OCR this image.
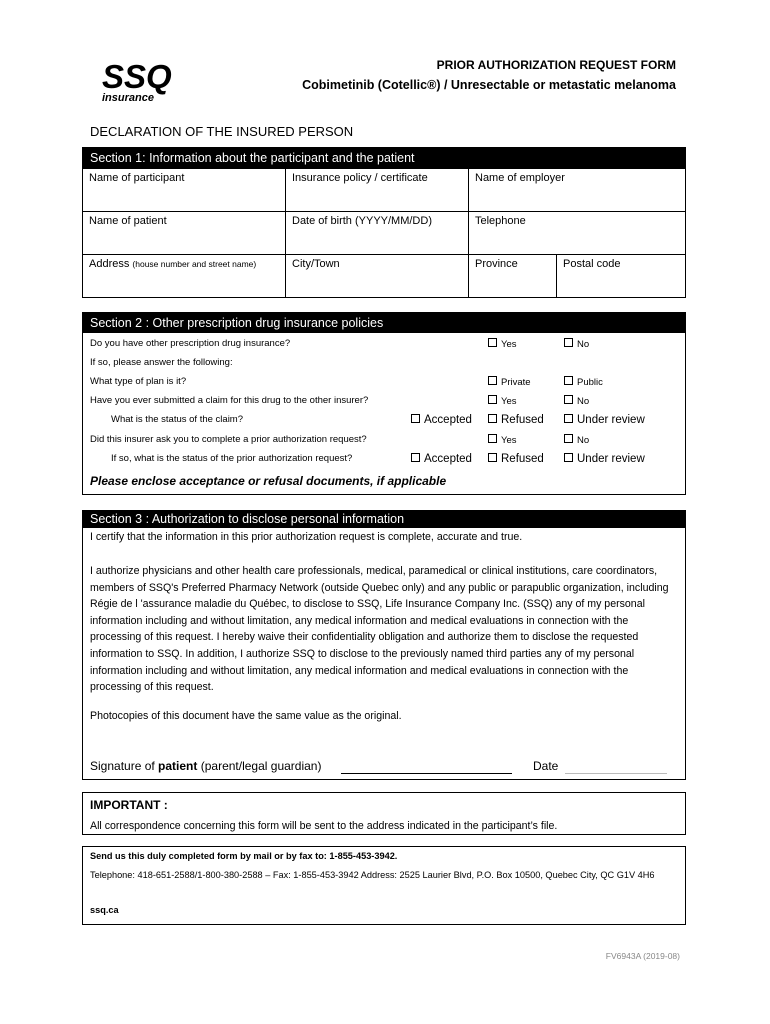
SSQ
insurance
PRIOR AUTHORIZATION REQUEST FORM
Cobimetinib (Cotellic®) / Unresectable or metastatic melanoma
DECLARATION OF THE INSURED PERSON
Section 1: Information about the participant and the patient
Name of participant	Insurance policy / certificate	Name of employer	
Name of patient	Date of birth (YYYY/MM/DD)	Telephone	
Address (house number and street name)	City/Town	Province	Postal code
Section 2 : Other prescription drug insurance policies
Do you have other prescription drug insurance?	Yes	No
If so, please answer the following:
What type of plan is it?	Private	Public
Have you ever submitted a claim for this drug to the other insurer?	Yes	No
What is the status of the claim?	Accepted	Refused	Under review
Did this insurer ask you to complete a prior authorization request?	Yes	No
If so, what is the status of the prior authorization request?	Accepted	Refused	Under review
Please enclose acceptance or refusal documents, if applicable
Section 3 : Authorization to disclose personal information
I certify that the information in this prior authorization request is complete, accurate and true.
I authorize physicians and other health care professionals, medical, paramedical or clinical institutions, care coordinators, members of SSQ's Preferred Pharmacy Network (outside Quebec only) and any public or parapublic organization, including Régie de l 'assurance maladie du Québec, to disclose to SSQ, Life Insurance Company Inc. (SSQ) any of my personal information including and without limitation, any medical information and medical evaluations in connection with the processing of this request. I hereby waive their confidentiality obligation and authorize them to disclose the requested information to SSQ. In addition, I authorize SSQ to disclose to the previously named third parties any of my personal information including and without limitation, any medical information and medical evaluations in connection with the processing of this request.
Photocopies of this document have the same value as the original.
Signature of patient (parent/legal guardian)	Date
IMPORTANT :
All correspondence concerning this form will be sent to the address indicated in the participant’s file.
Send us this duly completed form by mail or by fax to: 1-855-453-3942.
Telephone: 418-651-2588/1-800-380-2588 – Fax: 1-855-453-3942 Address: 2525 Laurier Blvd, P.O. Box 10500, Quebec City, QC G1V 4H6
ssq.ca
FV6943A (2019-08)
